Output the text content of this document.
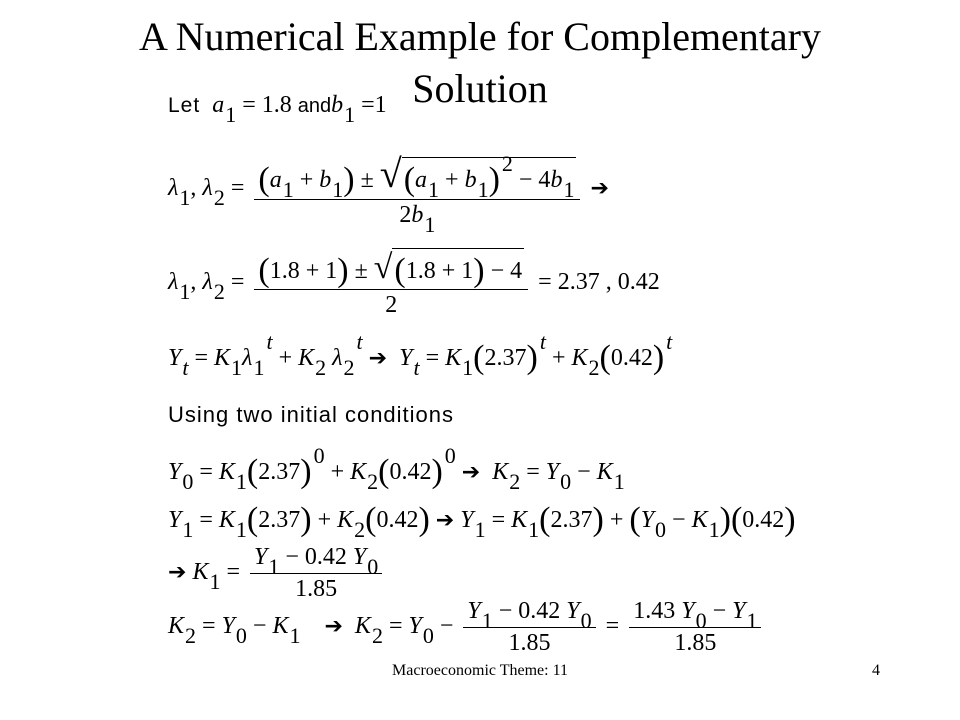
A Numerical Example for Complementary
Solution
Let  a1 = 1.8 andb1 =1
λ1, $\lambda 2 = \frac{(a1 + b1) \pm √(a1 + b1)2 - 4b1}{2b1}$ ➔
λ1, $\lambda 2 = \frac{(1.8 + 1) \pm √(1.8 + 1) - 4}{2} = 2.37$ , 0.42
Yt = K1λ1t + K2 λ2t ➔ Yt = K1(2.37)t + K2(0.42)t
Using two initial conditions
Y0 = K1(2.37)0 + K2(0.42)0 ➔ K2 = Y0 − K1
Y1 = K1(2.37) + K2(0.42) ➔ Y1 = K1(2.37) + (Y0 − K1)(0.42)
➔ $K1 = \frac{Y1 - 0.42 Y0}{1.85}$
K2 = Y0 − K1 ➔ $K2 = Y0 - \frac{Y1 - 0.42 Y0}{1.85} = \frac{1.43 Y0 - Y1}{1.85}$
Macroeconomic Theme: 11	4
